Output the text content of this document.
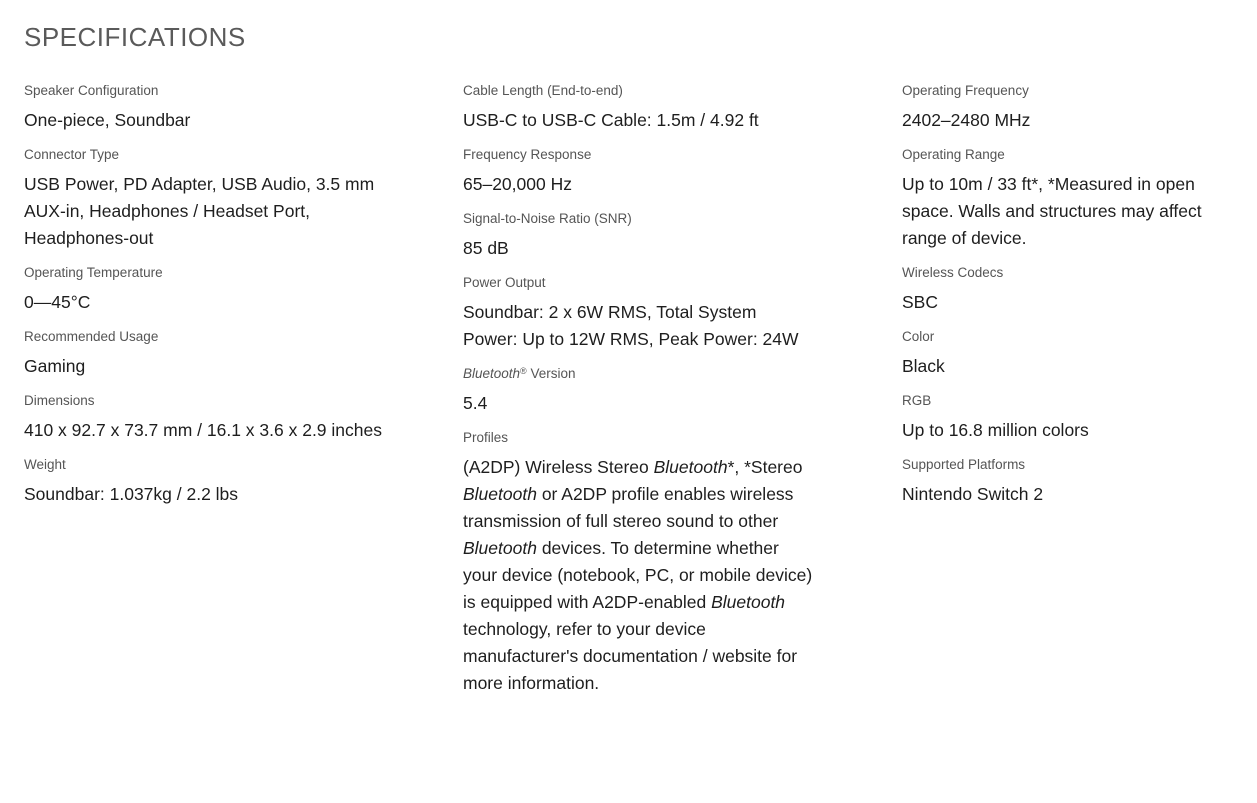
SPECIFICATIONS
Speaker Configuration
One-piece, Soundbar
Connector Type
USB Power, PD Adapter, USB Audio, 3.5 mm AUX-in, Headphones / Headset Port, Headphones-out
Operating Temperature
0—45°C
Recommended Usage
Gaming
Dimensions
410 x 92.7 x 73.7 mm / 16.1 x 3.6 x 2.9 inches
Weight
Soundbar: 1.037kg / 2.2 lbs
Cable Length (End-to-end)
USB-C to USB-C Cable: 1.5m / 4.92 ft
Frequency Response
65–20,000 Hz
Signal-to-Noise Ratio (SNR)
85 dB
Power Output
Soundbar: 2 x 6W RMS, Total System Power: Up to 12W RMS, Peak Power: 24W
Bluetooth® Version
5.4
Profiles
(A2DP) Wireless Stereo Bluetooth*, *Stereo Bluetooth or A2DP profile enables wireless transmission of full stereo sound to other Bluetooth devices. To determine whether your device (notebook, PC, or mobile device) is equipped with A2DP-enabled Bluetooth technology, refer to your device manufacturer's documentation / website for more information.
Operating Frequency
2402–2480 MHz
Operating Range
Up to 10m / 33 ft*, *Measured in open space. Walls and structures may affect range of device.
Wireless Codecs
SBC
Color
Black
RGB
Up to 16.8 million colors
Supported Platforms
Nintendo Switch 2
